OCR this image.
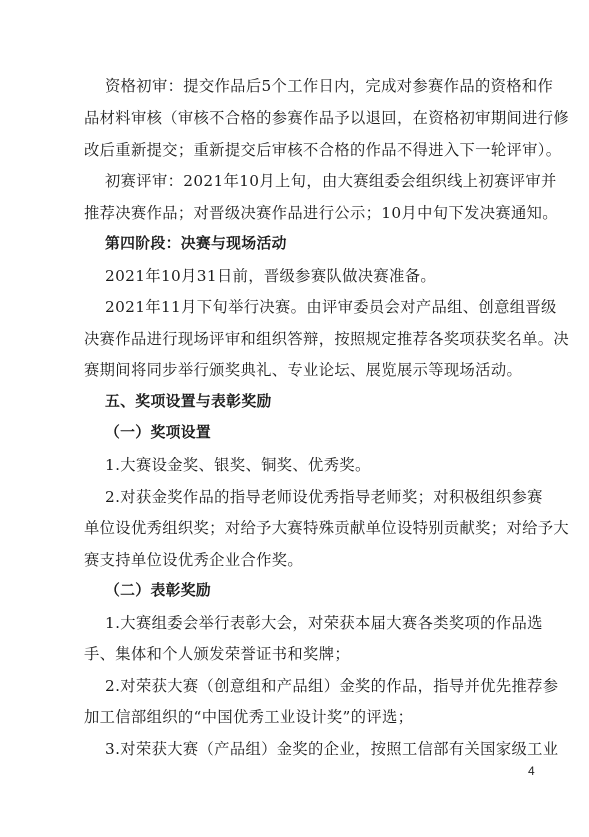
资格初审：提交作品后5个工作日内，完成对参赛作品的资格和作

品材料审核（审核不合格的参赛作品予以退回，在资格初审期间进行修

改后重新提交；重新提交后审核不合格的作品不得进入下一轮评审）。

初赛评审：2021年10月上旬，由大赛组委会组织线上初赛评审并

推荐决赛作品；对晋级决赛作品进行公示；10月中旬下发决赛通知。

第四阶段：决赛与现场活动

2021年10月31日前，晋级参赛队做决赛准备。

2021年11月下旬举行决赛。由评审委员会对产品组、创意组晋级

决赛作品进行现场评审和组织答辩，按照规定推荐各奖项获奖名单。决

赛期间将同步举行颁奖典礼、专业论坛、展览展示等现场活动。

五、奖项设置与表彰奖励

（一）奖项设置

1.大赛设金奖、银奖、铜奖、优秀奖。

2.对获金奖作品的指导老师设优秀指导老师奖；对积极组织参赛

单位设优秀组织奖；对给予大赛特殊贡献单位设特别贡献奖；对给予大

赛支持单位设优秀企业合作奖。

（二）表彰奖励

1.大赛组委会举行表彰大会，对荣获本届大赛各类奖项的作品选

手、集体和个人颁发荣誉证书和奖牌；

2.对荣获大赛（创意组和产品组）金奖的作品，指导并优先推荐参

加工信部组织的“中国优秀工业设计奖”的评选；

3.对荣获大赛（产品组）金奖的企业，按照工信部有关国家级工业

4
